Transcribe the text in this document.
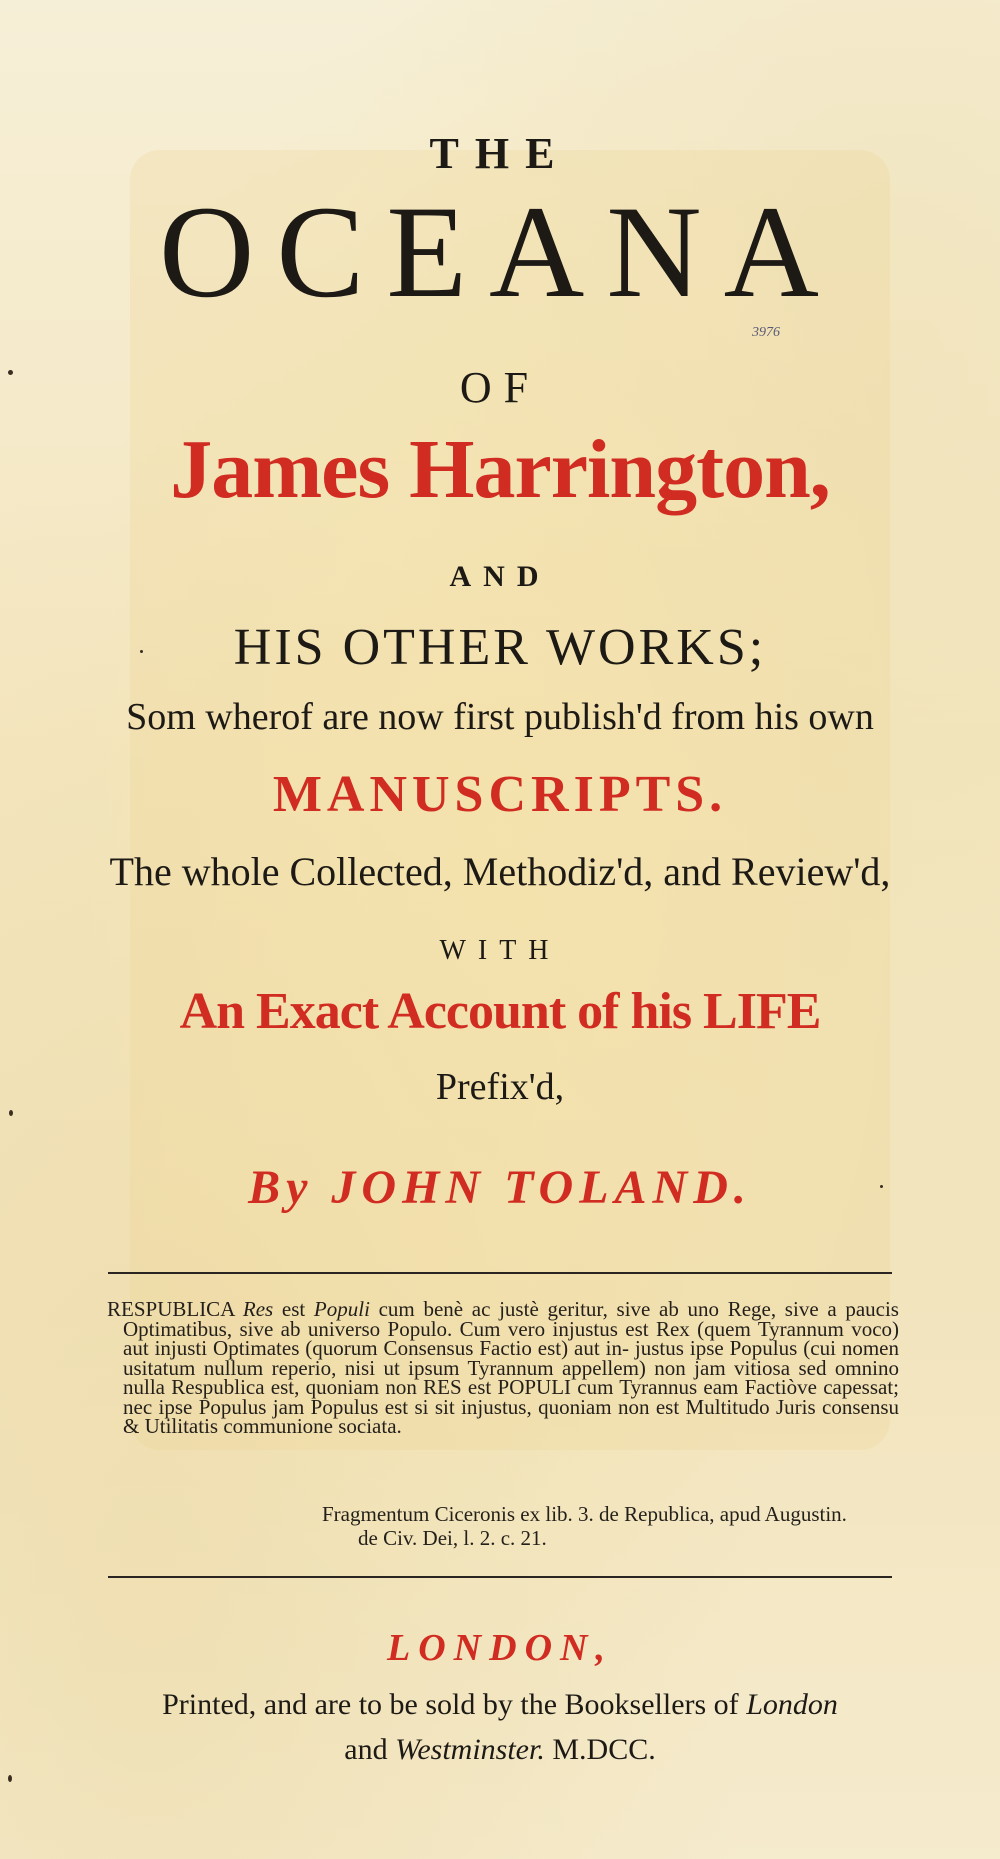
THE
OCEANA
3976
OF
James Harrington,
AND
HIS OTHER WORKS;
Som wherof are now first publish'd from his own
MANUSCRIPTS.
The whole Collected, Methodiz'd, and Review'd,
WITH
An Exact Account of his LIFE
Prefix'd,
By JOHN TOLAND.
RESPUBLICA Res est Populi cum benè ac justè geritur, sive ab uno Rege, sive a paucis Optimatibus, sive ab universo Populo. Cum vero injustus est Rex (quem Tyrannum voco) aut injusti Optimates (quorum Consensus Factio est) aut in- justus ipse Populus (cui nomen usitatum nullum reperio, nisi ut ipsum Tyrannum appellem) non jam vitiosa sed omnino nulla Respublica est, quoniam non RES est POPULI cum Tyrannus eam Factiòve capessat; nec ipse Populus jam Populus est si sit injustus, quoniam non est Multitudo Juris consensu & Utilitatis communione sociata.
Fragmentum Ciceronis ex lib. 3. de Republica, apud Augustin.
de Civ. Dei, l. 2. c. 21.
LONDON,
Printed, and are to be sold by the Booksellers of London
and Westminster. M.DCC.
